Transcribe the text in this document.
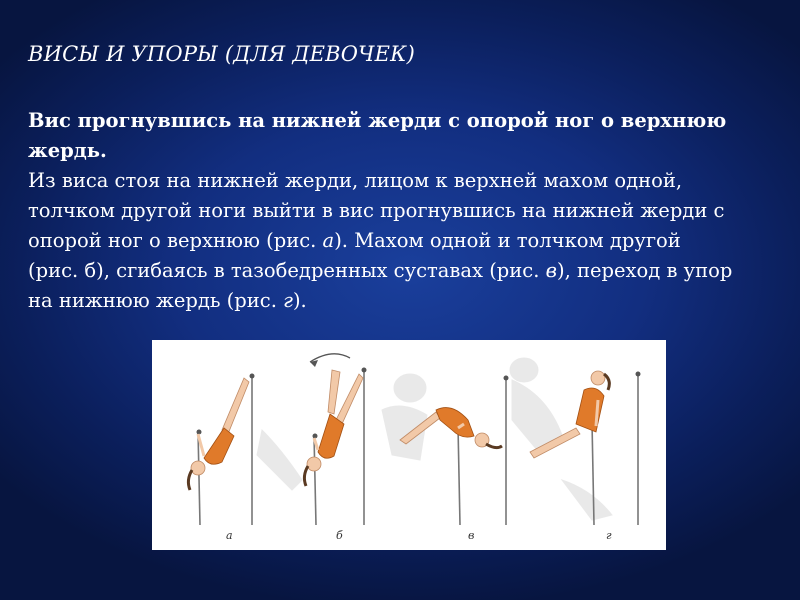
ВИСЫ И УПОРЫ (ДЛЯ ДЕВОЧЕК)
Вис прогнувшись на нижней жерди с опорой ног о верхнюю
жердь.
Из виса стоя на нижней жерди, лицом к верхней махом одной,
толчком другой ноги выйти в вис прогнувшись на нижней жерди с
опорой ног о верхнюю (рис. а). Махом одной и толчком другой
(рис. б), сгибаясь в тазобедренных суставах (рис. в), переход в упор
на нижнюю жердь (рис. г).
а	б	в	г
